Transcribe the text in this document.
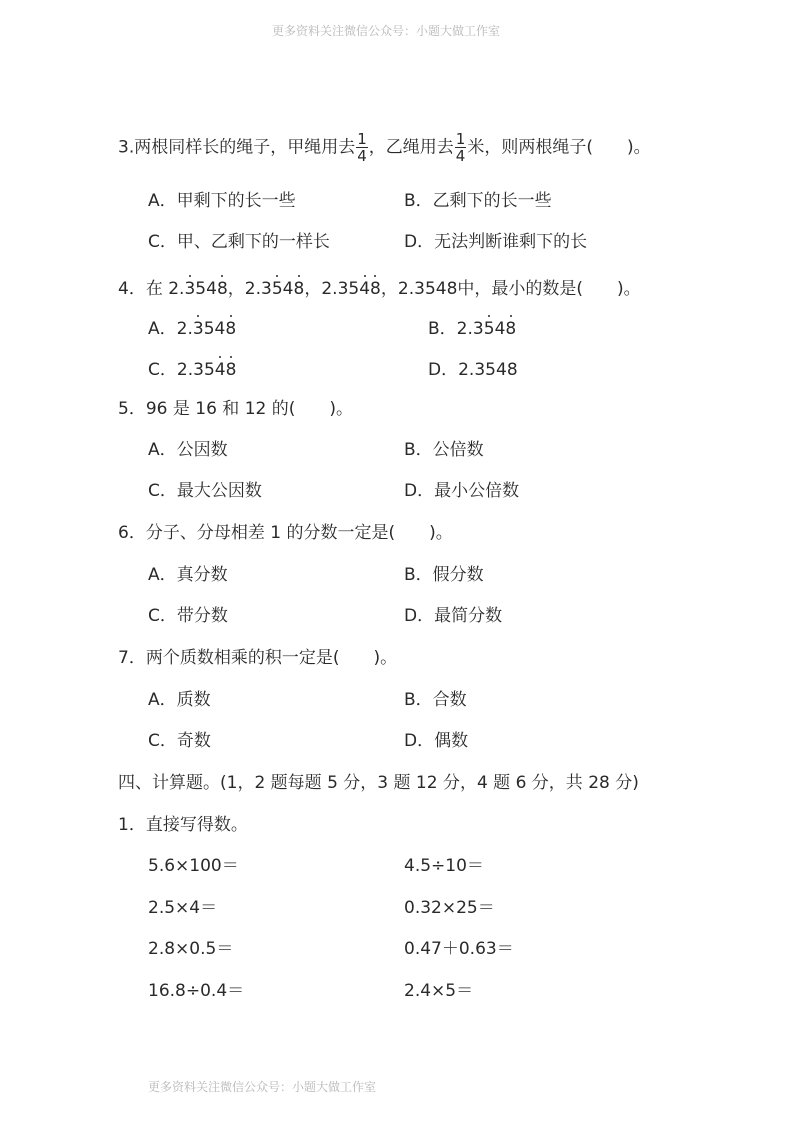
更多资料关注微信公众号：小题大做工作室
更多资料关注微信公众号：小题大做工作室
3.两根同样长的绳子，甲绳用去 $\frac{1}{4}$ ，乙绳用去 $\frac{1}{4}$ 米，则两根绳子(　　)。
A．甲剩下的长一些	B．乙剩下的长一些
C．甲、乙剩下的一样长	D．无法判断谁剩下的长
4．在 2.3548，2.3548，2.3548，2.3548中，最小的数是(　　)。
A．2.3548	B．2.3548
C．2.3548	D．2.3548
5．96 是 16 和 12 的(　　)。
A．公因数	B．公倍数
C．最大公因数	D．最小公倍数
6．分子、分母相差 1 的分数一定是(　　)。
A．真分数	B．假分数
C．带分数	D．最简分数
7．两个质数相乘的积一定是(　　)。
A．质数	B．合数
C．奇数	D．偶数
四、计算题。(1，2 题每题 5 分，3 题 12 分，4 题 6 分，共 28 分)
1．直接写得数。
5.6×100＝	4.5÷10＝
2.5×4＝	0.32×25＝
2.8×0.5＝	0.47＋0.63＝
16.8÷0.4＝	2.4×5＝
